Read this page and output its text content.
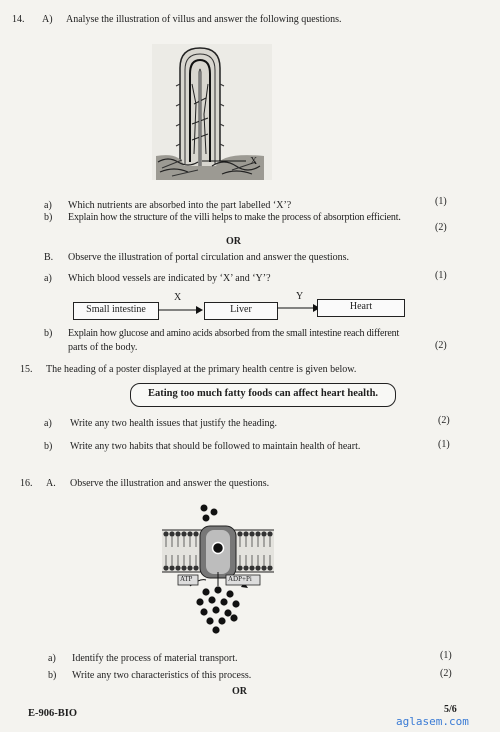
14. A) Analyse the illustration of villus and answer the following questions.
X
a) Which nutrients are absorbed into the part labelled ‘X’?	(1)
b) Explain how the structure of the villi helps to make the process of absorption efficient.
(2)
OR
B. Observe the illustration of portal circulation and answer the questions.
a) Which blood vessels are indicated by ‘X’ and ‘Y’?	(1)
Small intestine
X
Liver
Y
Heart
b) Explain how glucose and amino acids absorbed from the small intestine reach different
parts of the body.	(2)
15. The heading of a poster displayed at the primary health centre is given below.
Eating too much fatty foods can affect heart health.
a) Write any two health issues that justify the heading.	(2)
b) Write any two habits that should be followed to maintain health of heart.	(1)
16. A. Observe the illustration and answer the questions.
ATP	ADP+Pi
a) Identify the process of material transport.	(1)
b) Write any two characteristics of this process.	(2)
OR
E-906-BIO	5/6
aglasem.com
